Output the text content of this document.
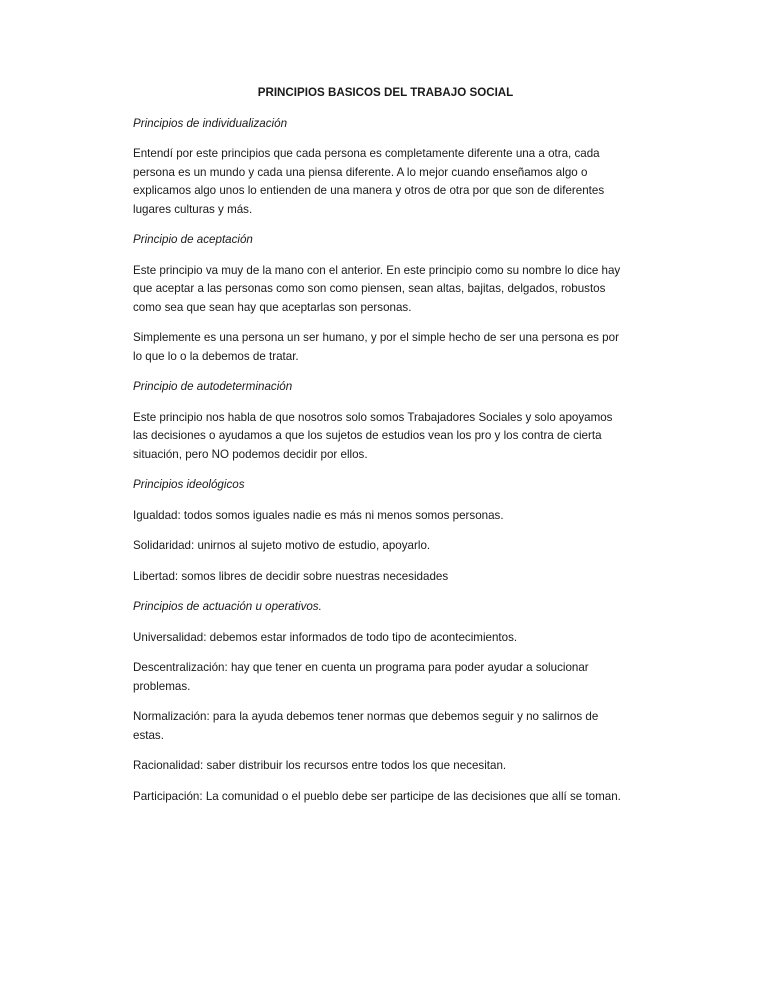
PRINCIPIOS BASICOS DEL TRABAJO SOCIAL
Principios de individualización
Entendí por este principios que cada persona es completamente diferente una a otra, cada
persona es un mundo y cada una piensa diferente. A lo mejor cuando enseñamos algo o
explicamos algo unos lo entienden de una manera y otros de otra por que son de diferentes
lugares culturas y más.
Principio de aceptación
Este principio va muy de la mano con el anterior. En este principio como su nombre lo dice hay
que aceptar a las personas como son como piensen, sean altas, bajitas, delgados, robustos
como sea que sean hay que aceptarlas son personas.
Simplemente es una persona un ser humano, y por el simple hecho de ser una persona es por
lo que lo o la debemos de tratar.
Principio de autodeterminación
Este principio nos habla de que nosotros solo somos Trabajadores Sociales y solo apoyamos
las decisiones o ayudamos a que los sujetos de estudios vean los pro y los contra de cierta
situación, pero NO podemos decidir por ellos.
Principios ideológicos
Igualdad: todos somos iguales nadie es más ni menos somos personas.
Solidaridad: unirnos al sujeto motivo de estudio, apoyarlo.
Libertad: somos libres de decidir sobre nuestras necesidades
Principios de actuación u operativos.
Universalidad: debemos estar informados de todo tipo de acontecimientos.
Descentralización: hay que tener en cuenta un programa para poder ayudar a solucionar
problemas.
Normalización: para la ayuda debemos tener normas que debemos seguir y no salirnos de
estas.
Racionalidad: saber distribuir los recursos entre todos los que necesitan.
Participación: La comunidad o el pueblo debe ser participe de las decisiones que allí se toman.
